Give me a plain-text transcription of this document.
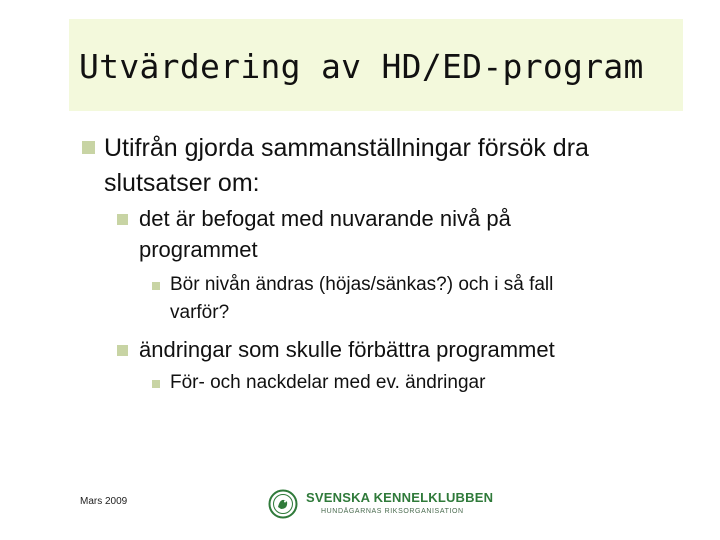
Utvärdering av HD/ED-program
Utifrån gjorda sammanställningar försök dra
slutsatser om:
det är befogat med nuvarande nivå på
programmet
Bör nivån ändras (höjas/sänkas?) och i så fall
varför?
ändringar som skulle förbättra programmet
För- och nackdelar med ev. ändringar
Mars 2009	SVENSKA KENNELKLUBBEN
HUNDÄGARNAS RIKSORGANISATION
